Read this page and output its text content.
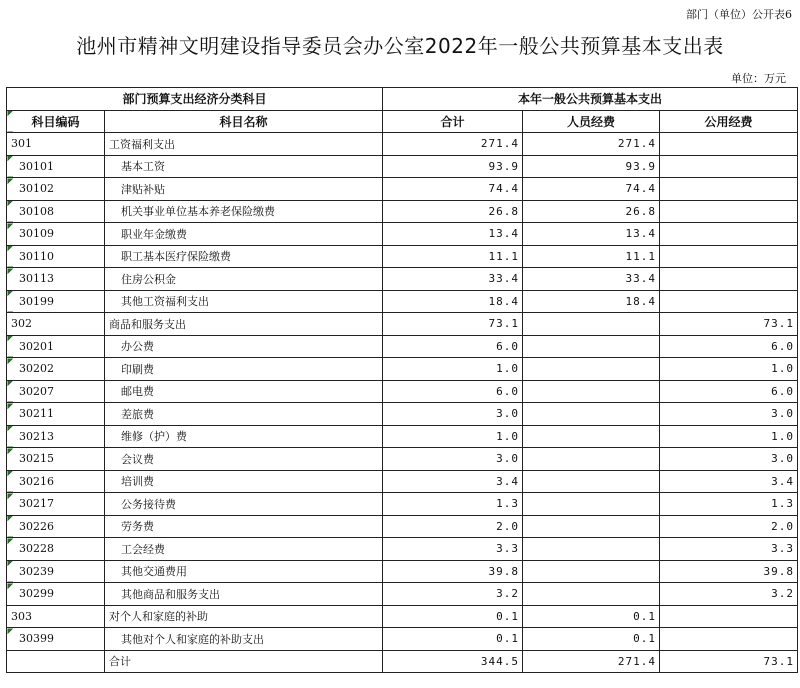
部门（单位）公开表6
池州市精神文明建设指导委员会办公室2022年一般公共预算基本支出表
单位：万元
部门预算支出经济分类科目		本年一般公共预算基本支出		
科目编码	科目名称	合计	人员经费	公用经费
301	工资福利支出	271.4	271.4	
30101	基本工资	93.9	93.9	
30102	津贴补贴	74.4	74.4	
30108	机关事业单位基本养老保险缴费	26.8	26.8	
30109	职业年金缴费	13.4	13.4	
30110	职工基本医疗保险缴费	11.1	11.1	
30113	住房公积金	33.4	33.4	
30199	其他工资福利支出	18.4	18.4	
302	商品和服务支出	73.1		73.1
30201	办公费	6.0		6.0
30202	印刷费	1.0		1.0
30207	邮电费	6.0		6.0
30211	差旅费	3.0		3.0
30213	维修（护）费	1.0		1.0
30215	会议费	3.0		3.0
30216	培训费	3.4		3.4
30217	公务接待费	1.3		1.3
30226	劳务费	2.0		2.0
30228	工会经费	3.3		3.3
30239	其他交通费用	39.8		39.8
30299	其他商品和服务支出	3.2		3.2
303	对个人和家庭的补助	0.1	0.1	
30399	其他对个人和家庭的补助支出	0.1	0.1	
	合计	344.5	271.4	73.1
